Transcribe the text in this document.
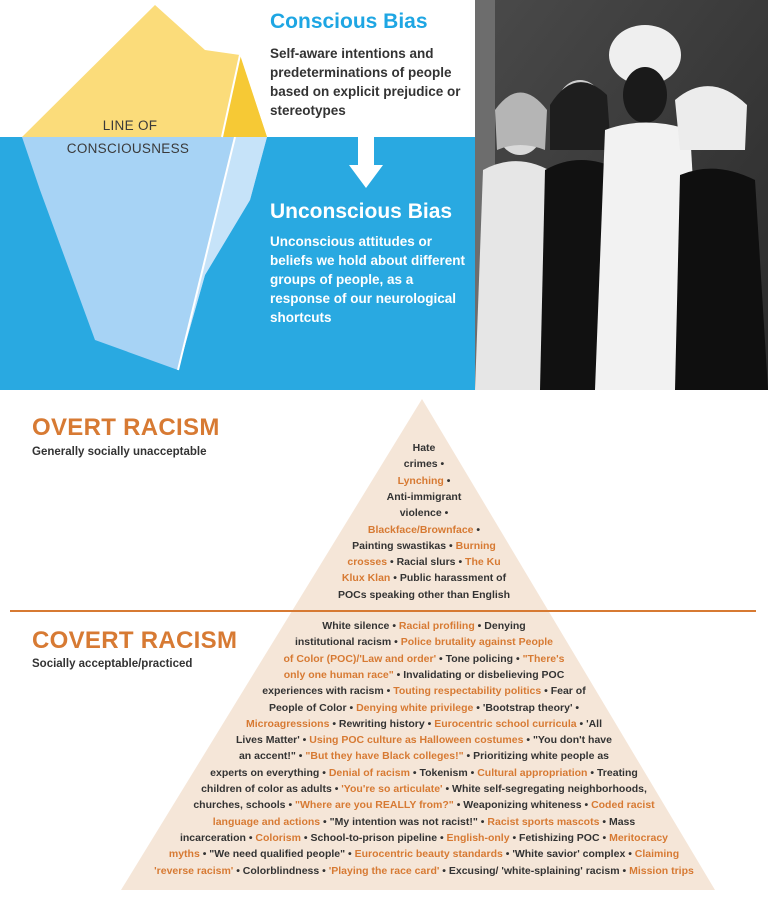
LINE OF
CONSCIOUSNESS
Conscious Bias
Self-aware intentions and predeterminations of people based on explicit prejudice or stereotypes
Unconscious Bias
Unconscious attitudes or beliefs we hold about different groups of people, as a response of our neurological shortcuts
OVERT RACISM
Generally socially unacceptable
COVERT RACISM
Socially acceptable/practiced
Hate
crimes •
Lynching •
Anti-immigrant
violence •
Blackface/Brownface •
Painting swastikas • Burning
crosses • Racial slurs • The Ku
Klux Klan • Public harassment of
POCs speaking other than English
White silence • Racial profiling • Denying
institutional racism • Police brutality against People
of Color (POC)/'Law and order' • Tone policing • "There's
only one human race" • Invalidating or disbelieving POC
experiences with racism • Touting respectability politics • Fear of
People of Color • Denying white privilege • 'Bootstrap theory' •
Microagressions • Rewriting history • Eurocentric school curricula • 'All
Lives Matter' • Using POC culture as Halloween costumes • "You don't have
an accent!" • "But they have Black colleges!" • Prioritizing white people as
experts on everything • Denial of racism • Tokenism • Cultural appropriation • Treating
children of color as adults • 'You're so articulate' • White self-segregating neighborhoods,
churches, schools • "Where are you REALLY from?" • Weaponizing whiteness • Coded racist
language and actions • "My intention was not racist!" • Racist sports mascots • Mass
incarceration • Colorism • School-to-prison pipeline • English-only • Fetishizing POC • Meritocracy
myths • "We need qualified people" • Eurocentric beauty standards • 'White savior' complex • Claiming
'reverse racism' • Colorblindness • 'Playing the race card' • Excusing/ 'white-splaining' racism • Mission trips
